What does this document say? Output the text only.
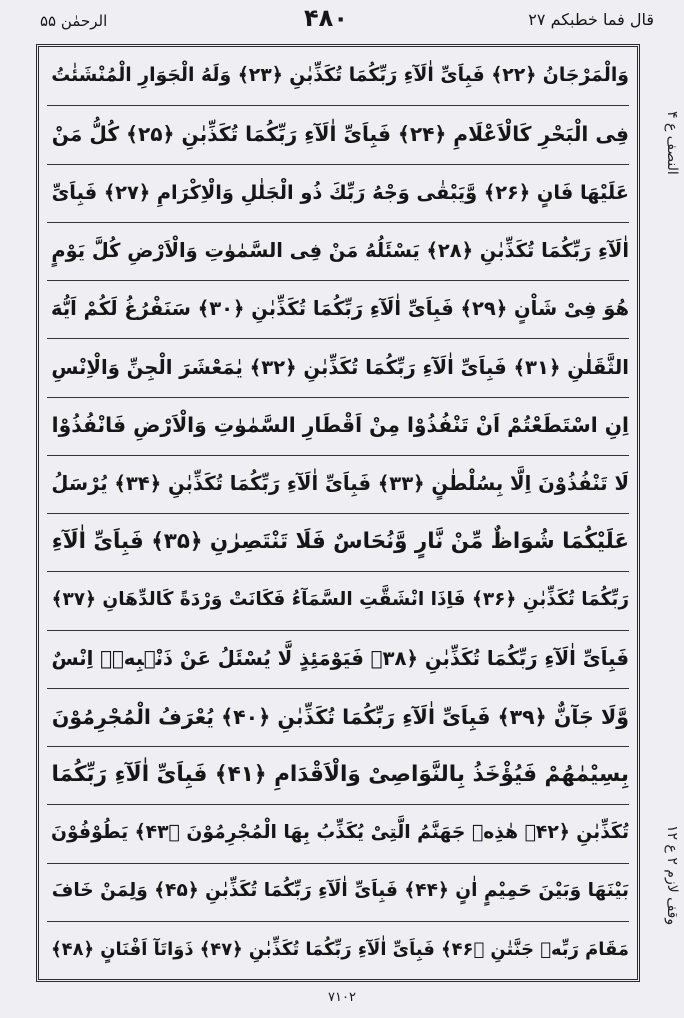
الرحمٰن ۵۵	۴۸۰	قال فما خطبکم ۲۷
وَالْمَرْجَانُ ﴿۲۲﴾ فَبِاَىِّ اٰلَآءِ رَبِّكُمَا تُكَذِّبٰنِ ﴿۲۳﴾ وَلَهُ الْجَوَارِ الْمُنْشَئٰتُ
فِى الْبَحْرِ كَالْاَعْلَامِ ﴿۲۴﴾ فَبِاَىِّ اٰلَآءِ رَبِّكُمَا تُكَذِّبٰنِ ﴿۲۵﴾ كُلُّ مَنْ
عَلَيْهَا فَانٍ ﴿۲۶﴾ وَّيَبْقٰى وَجْهُ رَبِّكَ ذُو الْجَلٰلِ وَالْاِكْرَامِ ﴿۲۷﴾ فَبِاَىِّ
اٰلَآءِ رَبِّكُمَا تُكَذِّبٰنِ ﴿۲۸﴾ يَسْئَلُهُ مَنْ فِى السَّمٰوٰتِ وَالْاَرْضِ كُلَّ يَوْمٍ
هُوَ فِىْ شَاْنٍ ﴿۲۹﴾ فَبِاَىِّ اٰلَآءِ رَبِّكُمَا تُكَذِّبٰنِ ﴿۳۰﴾ سَنَفْرُغُ لَكُمْ اَيُّهَ
الثَّقَلٰنِ ﴿۳۱﴾ فَبِاَىِّ اٰلَآءِ رَبِّكُمَا تُكَذِّبٰنِ ﴿۳۲﴾ يٰمَعْشَرَ الْجِنِّ وَالْاِنْسِ
اِنِ اسْتَطَعْتُمْ اَنْ تَنْفُذُوْا مِنْ اَقْطَارِ السَّمٰوٰتِ وَالْاَرْضِ فَانْفُذُوْا
لَا تَنْفُذُوْنَ اِلَّا بِسُلْطٰنٍ ﴿۳۳﴾ فَبِاَىِّ اٰلَآءِ رَبِّكُمَا تُكَذِّبٰنِ ﴿۳۴﴾ يُرْسَلُ
عَلَيْكُمَا شُوَاظٌ مِّنْ نَّارٍ وَّنُحَاسٌ فَلَا تَنْتَصِرٰنِ ﴿۳۵﴾ فَبِاَىِّ اٰلَآءِ
رَبِّكُمَا تُكَذِّبٰنِ ﴿۳۶﴾ فَاِذَا انْشَقَّتِ السَّمَآءُ فَكَانَتْ وَرْدَةً كَالدِّهَانِ ﴿۳۷﴾
فَبِاَىِّ اٰلَآءِ رَبِّكُمَا تُكَذِّبٰنِ ﴿۳۸﴾ فَيَوْمَئِذٍ لَّا يُسْئَلُ عَنْ ذَنْۢبِهٖۤ اِنْسٌ
وَّلَا جَآنٌّ ﴿۳۹﴾ فَبِاَىِّ اٰلَآءِ رَبِّكُمَا تُكَذِّبٰنِ ﴿۴۰﴾ يُعْرَفُ الْمُجْرِمُوْنَ
بِسِيْمٰهُمْ فَيُؤْخَذُ بِالنَّوَاصِىْ وَالْاَقْدَامِ ﴿۴۱﴾ فَبِاَىِّ اٰلَآءِ رَبِّكُمَا
تُكَذِّبٰنِ ﴿۴۲﴾ هٰذِهٖ جَهَنَّمُ الَّتِىْ يُكَذِّبُ بِهَا الْمُجْرِمُوْنَ ﴿۴۳﴾ يَطُوْفُوْنَ
بَيْنَهَا وَبَيْنَ حَمِيْمٍ اٰنٍ ﴿۴۴﴾ فَبِاَىِّ اٰلَآءِ رَبِّكُمَا تُكَذِّبٰنِ ﴿۴۵﴾ وَلِمَنْ خَافَ
مَقَامَ رَبِّهٖ جَنَّتٰنِ ﴿۴۶﴾ فَبِاَىِّ اٰلَآءِ رَبِّكُمَا تُكَذِّبٰنِ ﴿۴۷﴾ ذَوَاتَآ اَفْنَانٍ ﴿۴۸﴾
النصف ع ۴
وقف لازم ۲ ع ۱۲
۷۱۰۲
